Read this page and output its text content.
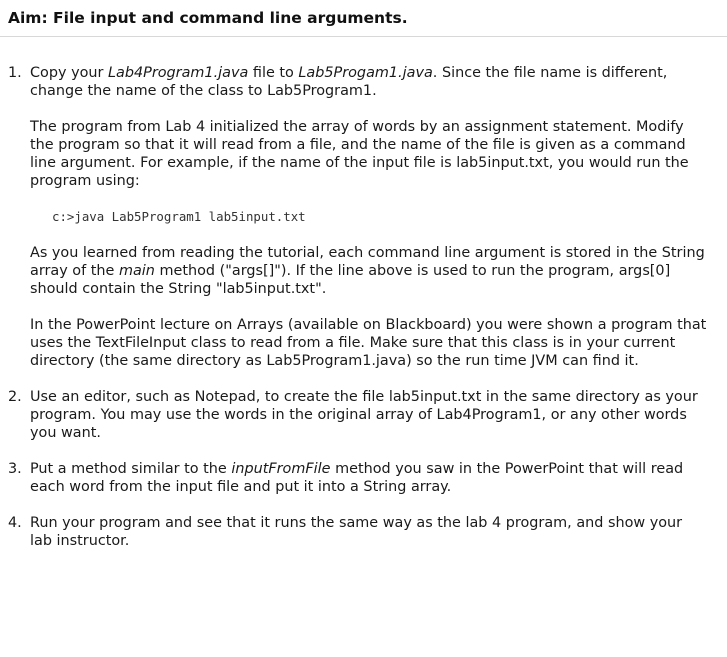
Aim: File input and command line arguments.
1. Copy your Lab4Program1.java file to Lab5Progam1.java. Since the file name is different, change the name of the class to Lab5Program1.

The program from Lab 4 initialized the array of words by an assignment statement. Modify the program so that it will read from a file, and the name of the file is given as a command line argument. For example, if the name of the input file is lab5input.txt, you would run the program using:

c:>java Lab5Program1 lab5input.txt

As you learned from reading the tutorial, each command line argument is stored in the String array of the main method ("args[]"). If the line above is used to run the program, args[0] should contain the String "lab5input.txt".

In the PowerPoint lecture on Arrays (available on Blackboard) you were shown a program that uses the TextFileInput class to read from a file. Make sure that this class is in your current directory (the same directory as Lab5Program1.java) so the run time JVM can find it.

2. Use an editor, such as Notepad, to create the file lab5input.txt in the same directory as your program. You may use the words in the original array of Lab4Program1, or any other words you want.

3. Put a method similar to the inputFromFile method you saw in the PowerPoint that will read each word from the input file and put it into a String array.

4. Run your program and see that it runs the same way as the lab 4 program, and show your lab instructor.
